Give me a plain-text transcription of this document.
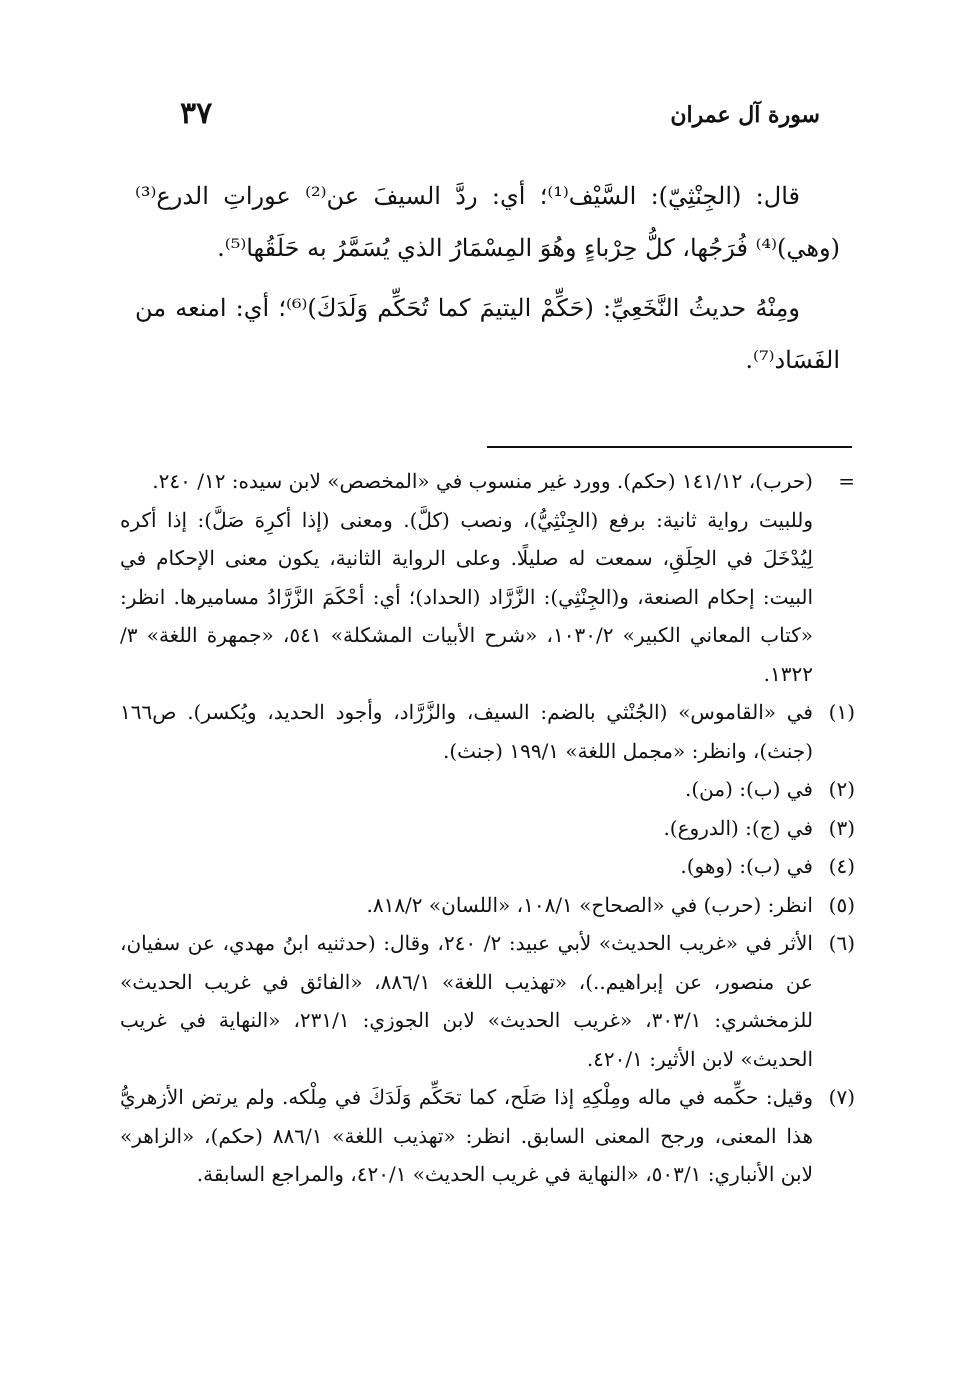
٣٧	سورة آل عمران

قال: (الجِنْثِيّ): السَّيْف⁽¹⁾؛ أي: ردَّ السيفَ عن⁽²⁾ عوراتِ الدرع⁽³⁾ (وهي)⁽⁴⁾ فُرَجُها، كلُّ حِرْباءٍ وهُوَ المِسْمَارُ الذي يُسَمَّرُ به حَلَقُها⁽⁵⁾.

ومِنْهُ حديثُ النَّخَعِيِّ: (حَكِّمْ اليتيمَ كما تُحَكِّم وَلَدَكَ)⁽⁶⁾؛ أي: امنعه من الفَسَاد⁽⁷⁾.

=
(حرب)، ١٤١/١٢ (حكم). وورد غير منسوب في «المخصص» لابن سيده: ١٢/ ٢٤٠.
وللبيت رواية ثانية: برفع (الجِنْثِيُّ)، ونصب (كلَّ). ومعنى (إذا أكرِهَ صَلَّ): إذا أكره لِيُدْخَلَ في الحِلَقِ، سمعت له صليلًا. وعلى الرواية الثانية، يكون معنى الإحكام في البيت: إحكام الصنعة، و(الجِنْثِي): الزَّرَّاد (الحداد)؛ أي: أحْكَمَ الزَّرَّادُ مساميرها. انظر: «كتاب المعاني الكبير» ١٠٣٠/٢، «شرح الأبيات المشكلة» ٥٤١، «جمهرة اللغة» ٣/ ١٣٢٢.
(١)
في «القاموس» (الجُنْثي بالضم: السيف، والزَّرَّاد، وأجود الحديد، ويُكسر). ص١٦٦ (جنث)، وانظر: «مجمل اللغة» ١٩٩/١ (جنث).
(٢)
في (ب): (من).
(٣)
في (ج): (الدروع).
(٤)
في (ب): (وهو).
(٥)
انظر: (حرب) في «الصحاح» ١٠٨/١، «اللسان» ٨١٨/٢.
(٦)
الأثر في «غريب الحديث» لأبي عبيد: ٢/ ٢٤٠، وقال: (حدثنيه ابنُ مهدي، عن سفيان، عن منصور، عن إبراهيم..)، «تهذيب اللغة» ٨٨٦/١، «الفائق في غريب الحديث» للزمخشري: ٣٠٣/١، «غريب الحديث» لابن الجوزي: ٢٣١/١، «النهاية في غريب الحديث» لابن الأثير: ٤٢٠/١.
(٧)
وقيل: حكِّمه في ماله ومِلْكِهِ إذا صَلَح، كما تحَكِّم وَلَدَكَ في مِلْكه. ولم يرتض الأزهريُّ هذا المعنى، ورجح المعنى السابق. انظر: «تهذيب اللغة» ٨٨٦/١ (حكم)، «الزاهر» لابن الأنباري: ٥٠٣/١، «النهاية في غريب الحديث» ٤٢٠/١، والمراجع السابقة.
